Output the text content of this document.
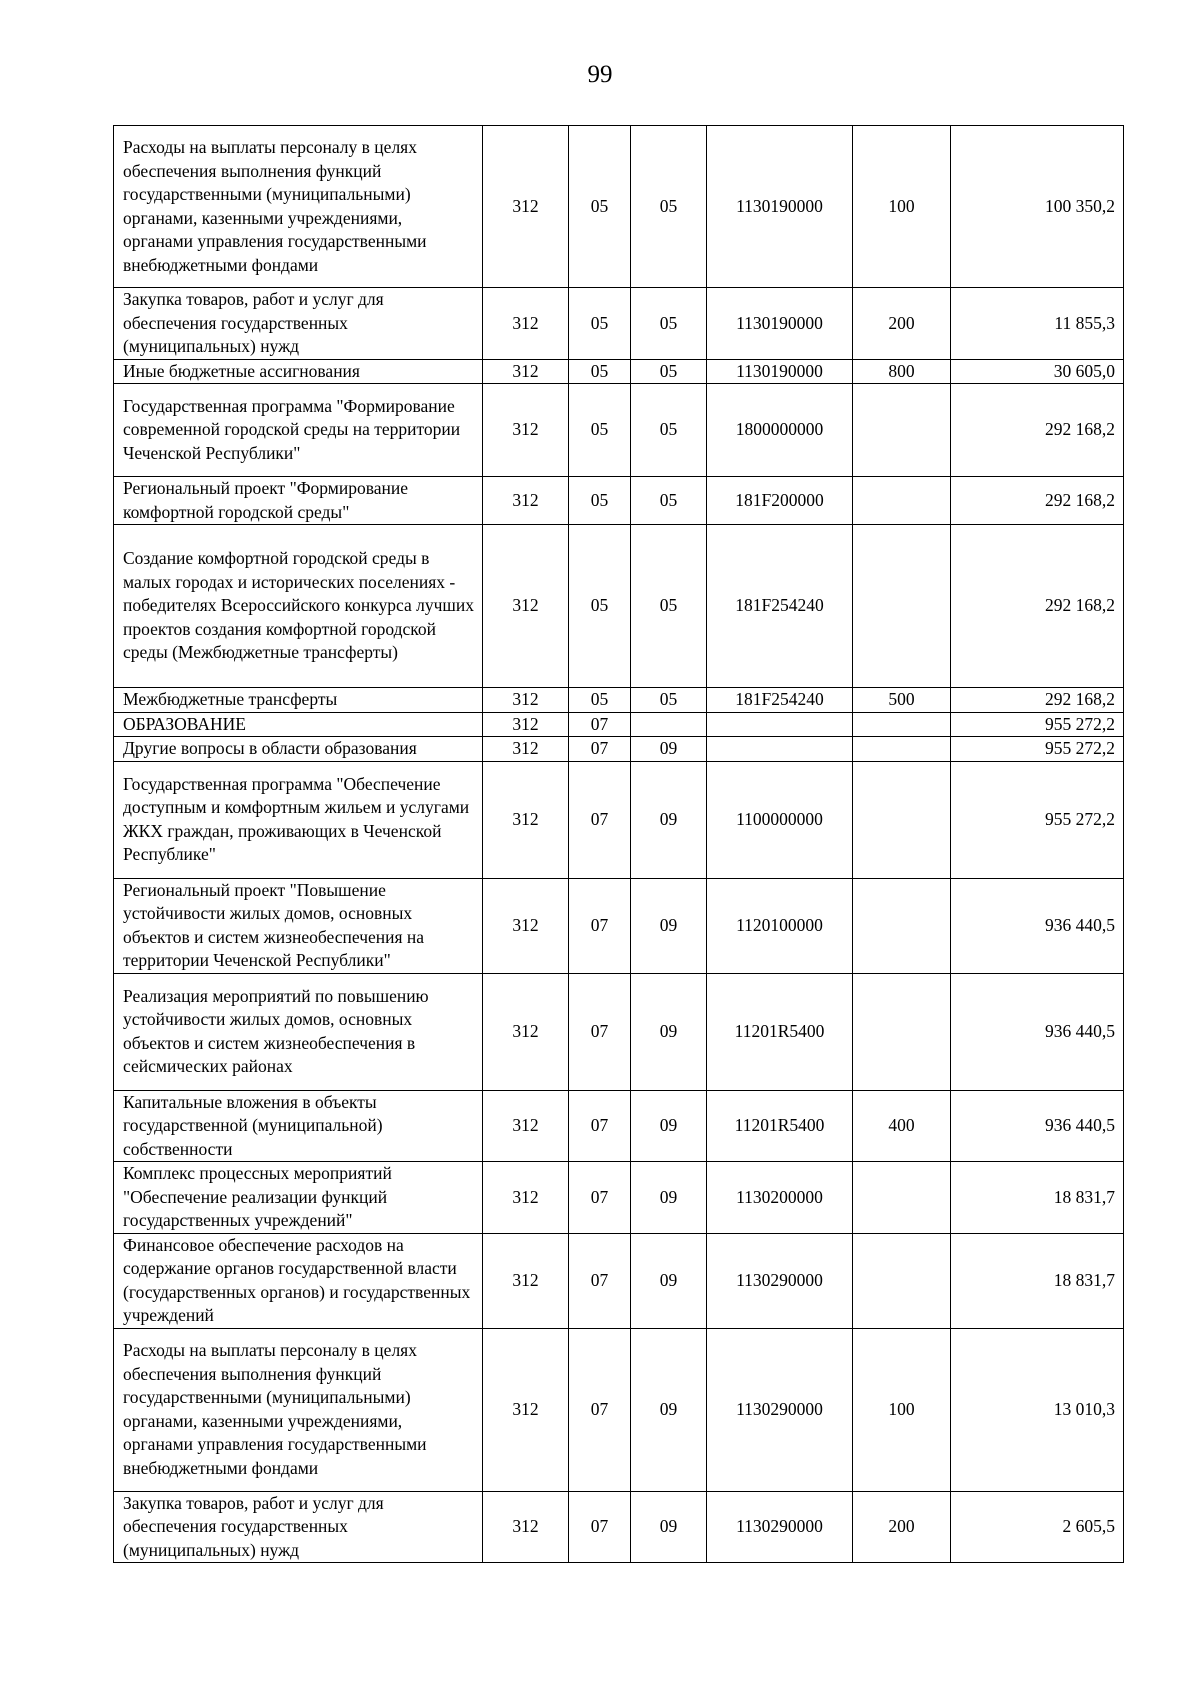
99
Расходы на выплаты персоналу в целях обеспечения выполнения функций государственными (муниципальными) органами, казенными учреждениями, органами управления государственными внебюджетными фондами	312	05	05	1130190000	100	100 350,2
Закупка товаров, работ и услуг для обеспечения государственных (муниципальных) нужд	312	05	05	1130190000	200	11 855,3
Иные бюджетные ассигнования	312	05	05	1130190000	800	30 605,0
Государственная программа "Формирование современной городской среды на территории Чеченской Республики"	312	05	05	1800000000		292 168,2
Региональный проект "Формирование комфортной городской среды"	312	05	05	181F200000		292 168,2
Создание комфортной городской среды в малых городах и исторических поселениях - победителях Всероссийского конкурса лучших проектов создания комфортной городской среды (Межбюджетные трансферты)	312	05	05	181F254240		292 168,2
Межбюджетные трансферты	312	05	05	181F254240	500	292 168,2
ОБРАЗОВАНИЕ	312	07				955 272,2
Другие вопросы в области образования	312	07	09			955 272,2
Государственная программа "Обеспечение доступным и комфортным жильем и услугами ЖКХ граждан, проживающих в Чеченской Республике"	312	07	09	1100000000		955 272,2
Региональный проект "Повышение устойчивости жилых домов, основных объектов и систем жизнеобеспечения на территории Чеченской Республики"	312	07	09	1120100000		936 440,5
Реализация мероприятий по повышению устойчивости жилых домов, основных объектов и систем жизнеобеспечения в сейсмических районах	312	07	09	11201R5400		936 440,5
Капитальные вложения в объекты государственной (муниципальной) собственности	312	07	09	11201R5400	400	936 440,5
Комплекс процессных мероприятий "Обеспечение реализации функций государственных учреждений"	312	07	09	1130200000		18 831,7
Финансовое обеспечение расходов на содержание органов государственной власти (государственных органов) и государственных учреждений	312	07	09	1130290000		18 831,7
Расходы на выплаты персоналу в целях обеспечения выполнения функций государственными (муниципальными) органами, казенными учреждениями, органами управления государственными внебюджетными фондами	312	07	09	1130290000	100	13 010,3
Закупка товаров, работ и услуг для обеспечения государственных (муниципальных) нужд	312	07	09	1130290000	200	2 605,5
